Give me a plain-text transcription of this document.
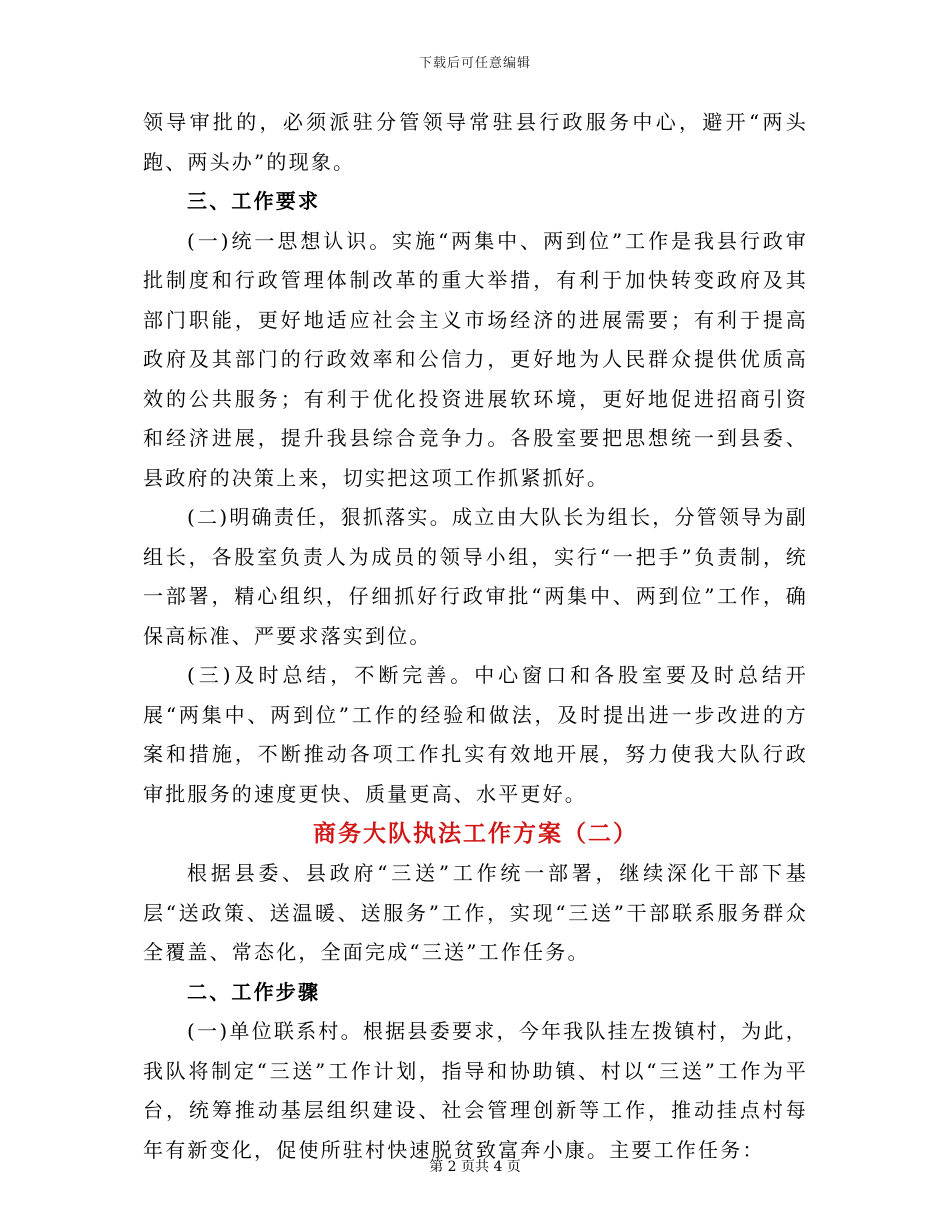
下载后可任意编辑

领导审批的，必须派驻分管领导常驻县行政服务中心，避开“两头跑、两头办”的现象。

三、工作要求

(一)统一思想认识。实施“两集中、两到位”工作是我县行政审批制度和行政管理体制改革的重大举措，有利于加快转变政府及其部门职能，更好地适应社会主义市场经济的进展需要；有利于提高政府及其部门的行政效率和公信力，更好地为人民群众提供优质高效的公共服务；有利于优化投资进展软环境，更好地促进招商引资和经济进展，提升我县综合竞争力。各股室要把思想统一到县委、县政府的决策上来，切实把这项工作抓紧抓好。

(二)明确责任，狠抓落实。成立由大队长为组长，分管领导为副组长，各股室负责人为成员的领导小组，实行“一把手”负责制，统一部署，精心组织，仔细抓好行政审批“两集中、两到位”工作，确保高标准、严要求落实到位。

(三)及时总结，不断完善。中心窗口和各股室要及时总结开展“两集中、两到位”工作的经验和做法，及时提出进一步改进的方案和措施，不断推动各项工作扎实有效地开展，努力使我大队行政审批服务的速度更快、质量更高、水平更好。

商务大队执法工作方案（二）

根据县委、县政府“三送”工作统一部署，继续深化干部下基层“送政策、送温暖、送服务”工作，实现“三送”干部联系服务群众全覆盖、常态化，全面完成“三送”工作任务。

二、工作步骤

(一)单位联系村。根据县委要求，今年我队挂左拨镇村，为此，我队将制定“三送”工作计划，指导和协助镇、村以“三送”工作为平台，统筹推动基层组织建设、社会管理创新等工作，推动挂点村每年有新变化，促使所驻村快速脱贫致富奔小康。主要工作任务：

第 2 页共 4 页
